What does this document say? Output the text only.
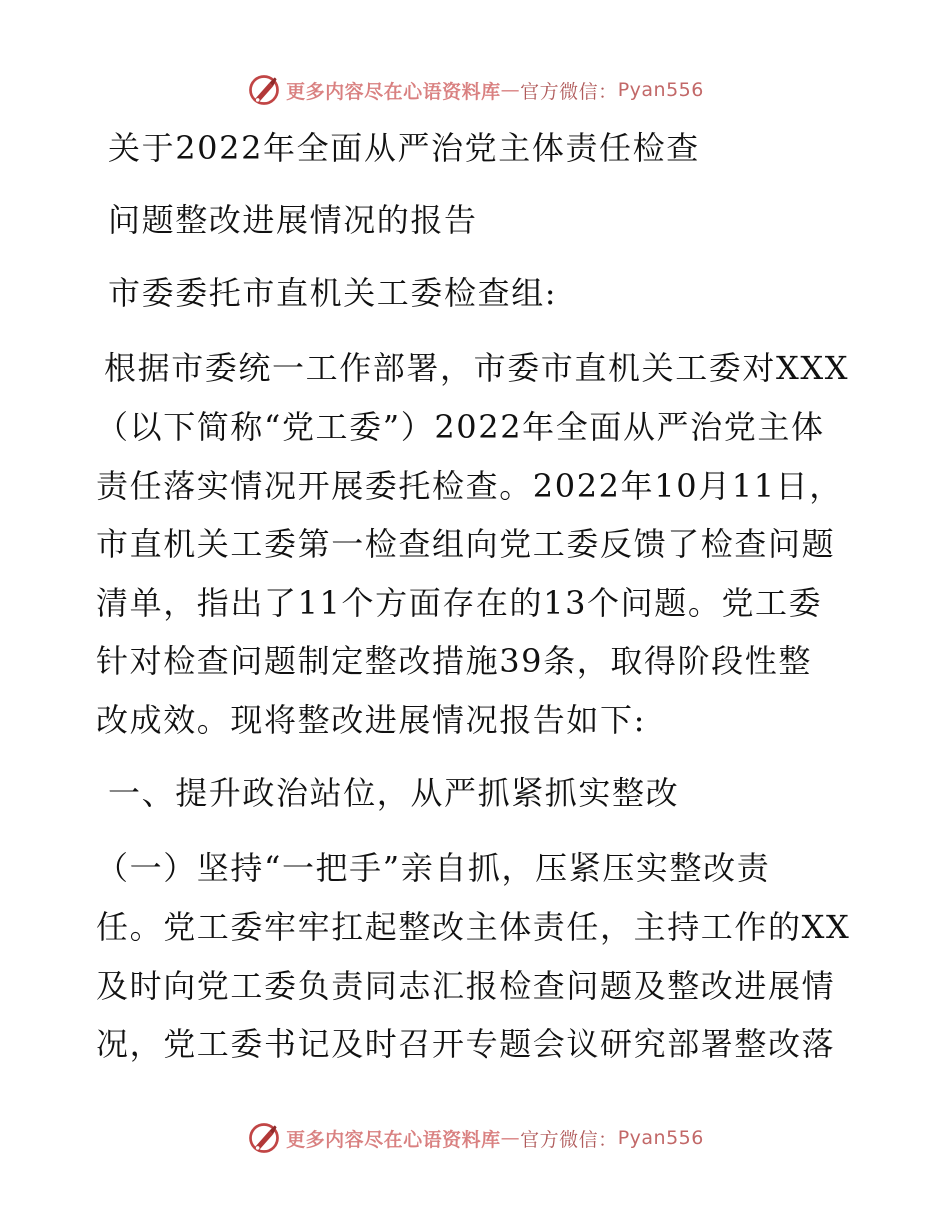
更多内容尽在心语资料库 — 官方微信： Pyan556
关于2022年全面从严治党主体责任检查
问题整改进展情况的报告
市委委托市直机关工委检查组:
根据市委统一工作部署，市委市直机关工委对XXX
（以下简称“党工委”）2022年全面从严治党主体
责任落实情况开展委托检查。2022年10月11日，
市直机关工委第一检查组向党工委反馈了检查问题
清单，指出了11个方面存在的13个问题。党工委
针对检查问题制定整改措施39条，取得阶段性整
改成效。现将整改进展情况报告如下:
一、提升政治站位，从严抓紧抓实整改
（一）坚持“一把手”亲自抓，压紧压实整改责
任。党工委牢牢扛起整改主体责任，主持工作的XX
及时向党工委负责同志汇报检查问题及整改进展情
况，党工委书记及时召开专题会议研究部署整改落
更多内容尽在心语资料库 — 官方微信： Pyan556
